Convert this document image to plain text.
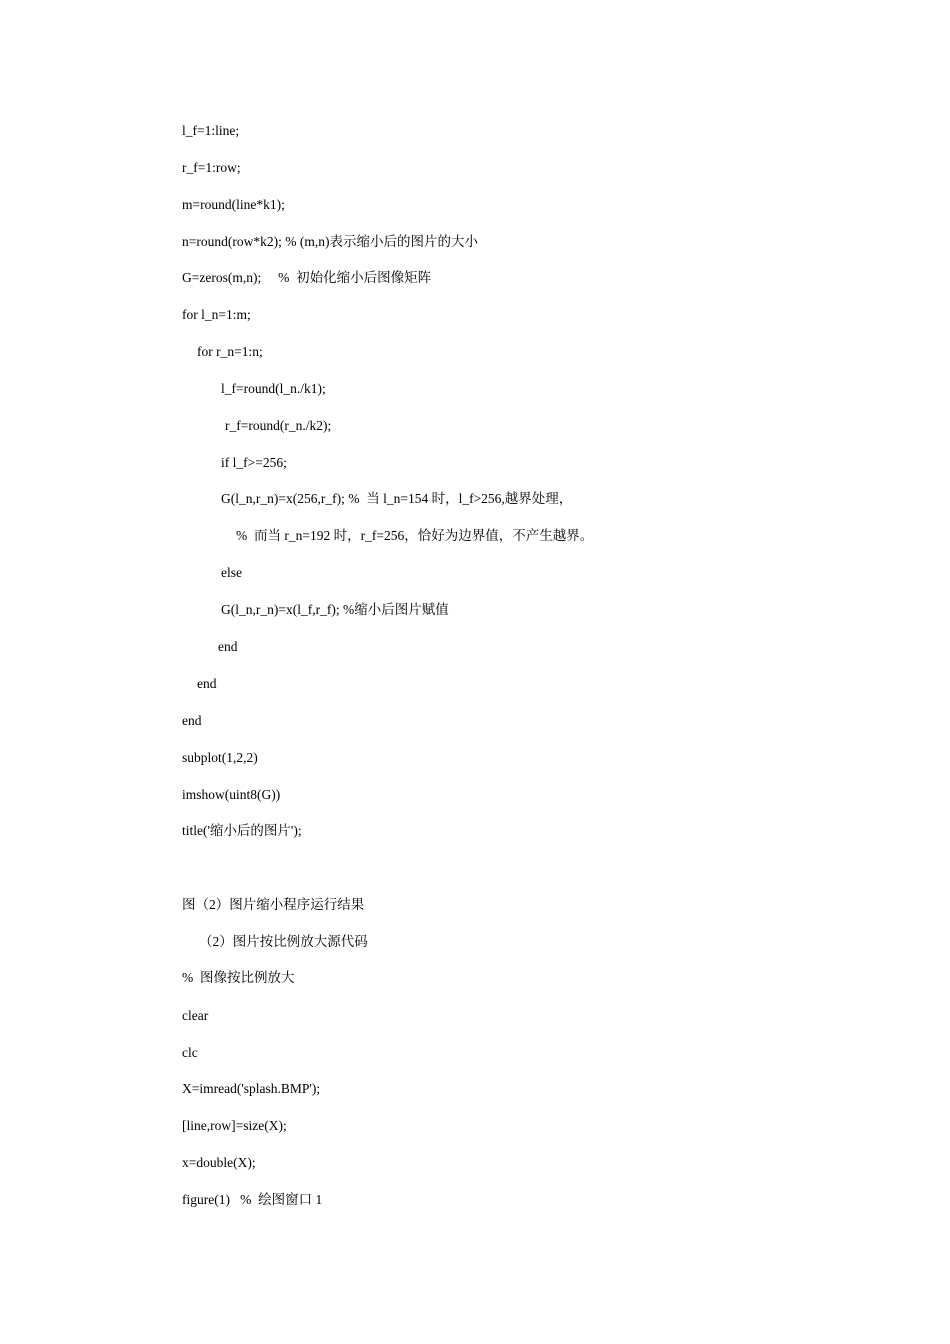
l_f=1:line;
r_f=1:row;
m=round(line*k1);
n=round(row*k2); % (m,n)表示缩小后的图片的大小
G=zeros(m,n);     %  初始化缩小后图像矩阵
for l_n=1:m;
for r_n=1:n;
l_f=round(l_n./k1);
r_f=round(r_n./k2);
if l_f>=256;
G(l_n,r_n)=x(256,r_f); %  当 l_n=154 时，l_f>256,越界处理，
%  而当 r_n=192 时，r_f=256，恰好为边界值，不产生越界。
else
G(l_n,r_n)=x(l_f,r_f); %缩小后图片赋值
end
end
end
subplot(1,2,2)
imshow(uint8(G))
title('缩小后的图片');
图（2）图片缩小程序运行结果
（2）图片按比例放大源代码
%  图像按比例放大
clear
clc
X=imread('splash.BMP');
[line,row]=size(X);
x=double(X);
figure(1)   %  绘图窗口 1
